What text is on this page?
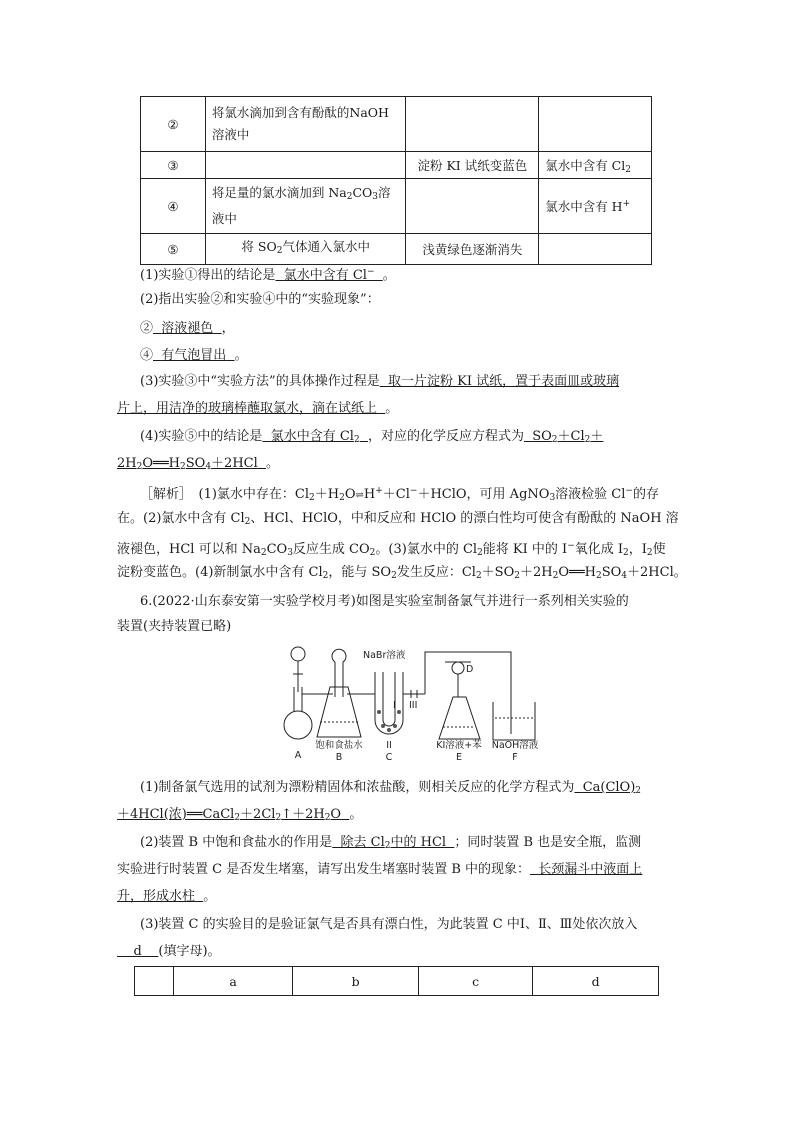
②	将氯水滴加到含有酚酞的NaOH
溶液中		
③		淀粉 KI 试纸变蓝色	氯水中含有 $Cl_2$
④	将足量的氯水滴加到 $Na_2CO_3$溶
液中		氯水中含有 H+
⑤	将 $SO_2$气体通入氯水中	浅黄绿色逐渐消失	
(1)实验①得出的结论是 氯水中含有 Cl− 。
(2)指出实验②和实验④中的“实验现象”：
② 溶液褪色 ，
④ 有气泡冒出 。
(3)实验③中“实验方法”的具体操作过程是 取一片淀粉 KI 试纸，置于表面皿或玻璃
片上，用洁净的玻璃棒蘸取氯水，滴在试纸上 。
(4)实验⑤中的结论是 氯水中含有 $Cl_2$ ，对应的化学反应方程式为 $SO_2+Cl_2+$
$2H_2O══H_2SO_4+2HCl$ 。
［解析］　(1)氯水中存在：$Cl_2+H_2O\rightleftharpoons H^++Cl^-+HClO$，可用 AgNO$_3$溶液检验 Cl−的存
在。(2)氯水中含有 $Cl_2$、HCl、HClO，中和反应和 HClO 的漂白性均可使含有酚酞的 NaOH 溶
液褪色，HCl 可以和 $Na_2CO_3$反应生成 $CO_2$。(3)氯水中的 $Cl_2$能将 KI 中的 I−氧化成 $I_2$，$I_2$使
淀粉变蓝色。(4)新制氯水中含有 $Cl_2$，能与 $SO_2$发生反应：$Cl_2+SO_2+2H_2O══H_2SO_4+2HCl$。
6.(2022·山东泰安第一实验学校月考)如图是实验室制备氯气并进行一系列相关实验的
装置(夹持装置已略)
NaBr溶液
A
饱和食盐水
B
II
C
I III
D
KI溶液+苯
E
NaOH溶液
F
(1)制备氯气选用的试剂为漂粉精固体和浓盐酸，则相关反应的化学方程式为 $Ca(ClO)_2$
＋4HCl(浓)$══CaCl_2+2Cl_2↑+2H_2O$ 。
(2)装置 B 中饱和食盐水的作用是 除去 $Cl_2$中的 HCl ；同时装置 B 也是安全瓶，监测
实验进行时装置 C 是否发生堵塞，请写出发生堵塞时装置 B 中的现象： 长颈漏斗中液面上
升，形成水柱 。
(3)装置 C 的实验目的是验证氯气是否具有漂白性，为此装置 C 中Ⅰ、Ⅱ、Ⅲ处依次放入
d (填字母)。
	a	b	c	d
